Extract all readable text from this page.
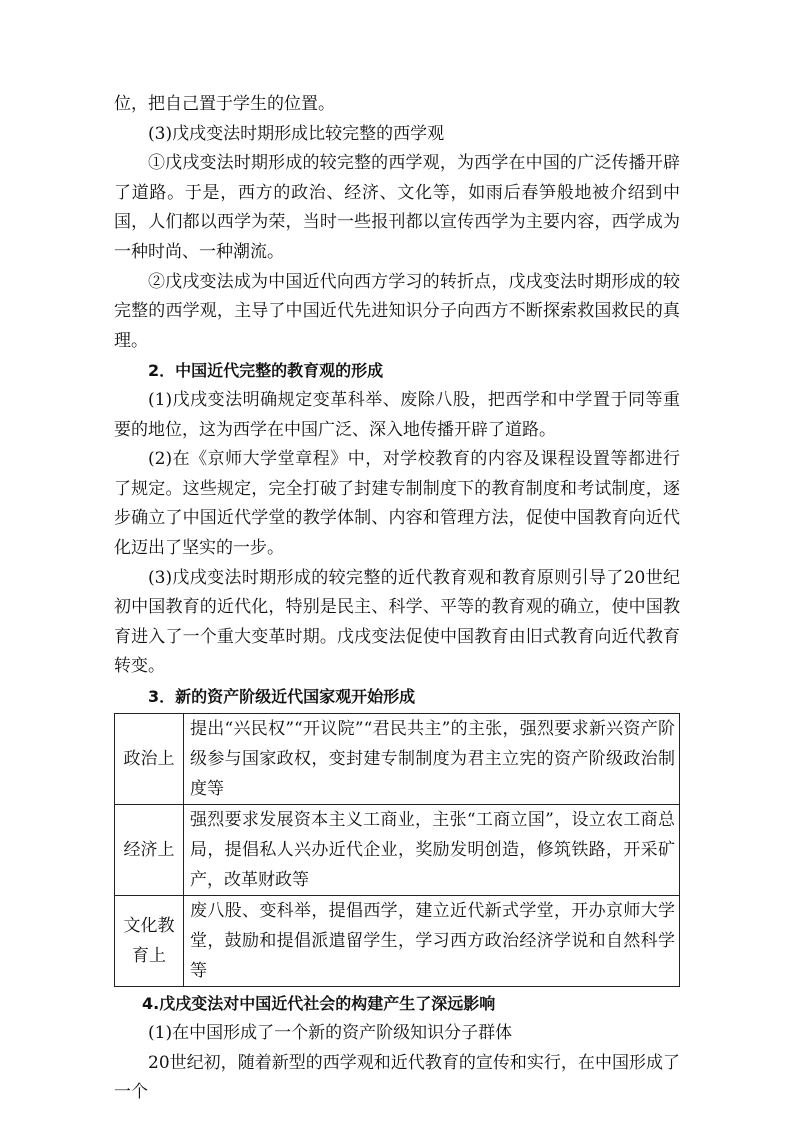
位，把自己置于学生的位置。

(3)戊戌变法时期形成比较完整的西学观

①戊戌变法时期形成的较完整的西学观，为西学在中国的广泛传播开辟了道路。于是，西方的政治、经济、文化等，如雨后春笋般地被介绍到中国，人们都以西学为荣，当时一些报刊都以宣传西学为主要内容，西学成为一种时尚、一种潮流。

②戊戌变法成为中国近代向西方学习的转折点，戊戌变法时期形成的较完整的西学观，主导了中国近代先进知识分子向西方不断探索救国救民的真理。

2．中国近代完整的教育观的形成

(1)戊戌变法明确规定变革科举、废除八股，把西学和中学置于同等重要的地位，这为西学在中国广泛、深入地传播开辟了道路。

(2)在《京师大学堂章程》中，对学校教育的内容及课程设置等都进行了规定。这些规定，完全打破了封建专制制度下的教育制度和考试制度，逐步确立了中国近代学堂的教学体制、内容和管理方法，促使中国教育向近代化迈出了坚实的一步。

(3)戊戌变法时期形成的较完整的近代教育观和教育原则引导了20世纪初中国教育的近代化，特别是民主、科学、平等的教育观的确立，使中国教育进入了一个重大变革时期。戊戌变法促使中国教育由旧式教育向近代教育转变。

3．新的资产阶级近代国家观开始形成

政治上	提出“兴民权”“开议院”“君民共主”的主张，强烈要求新兴资产阶级参与国家政权，变封建专制制度为君主立宪的资产阶级政治制度等
经济上	强烈要求发展资本主义工商业，主张“工商立国”，设立农工商总局，提倡私人兴办近代企业，奖励发明创造，修筑铁路，开采矿产，改革财政等
文化教育上	废八股、变科举，提倡西学，建立近代新式学堂，开办京师大学堂，鼓励和提倡派遣留学生，学习西方政治经济学说和自然科学等

4.戊戌变法对中国近代社会的构建产生了深远影响

(1)在中国形成了一个新的资产阶级知识分子群体

20世纪初，随着新型的西学观和近代教育的宣传和实行，在中国形成了一个
